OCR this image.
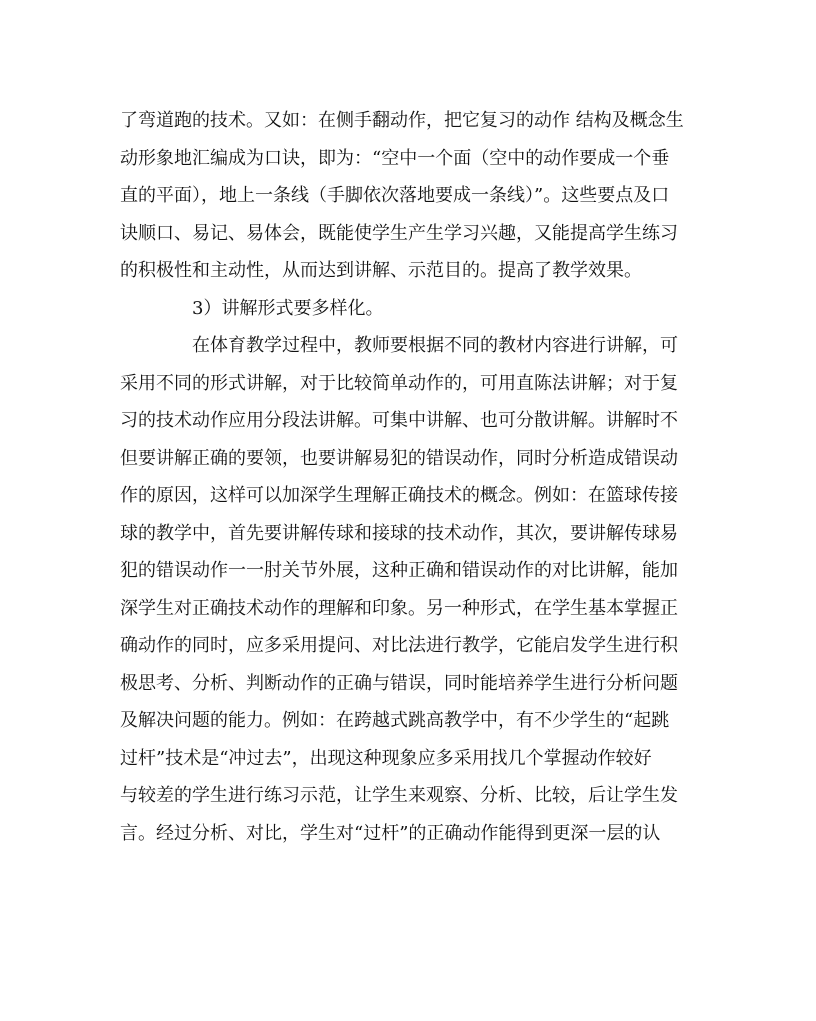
了弯道跑的技术。又如：在侧手翻动作，把它复习的动作 结构及概念生
动形象地汇编成为口诀，即为：“空中一个面（空中的动作要成一个垂
直的平面），地上一条线（手脚依次落地要成一条线）”。这些要点及口
诀顺口、易记、易体会，既能使学生产生学习兴趣，又能提高学生练习
的积极性和主动性，从而达到讲解、示范目的。提高了教学效果。
3）讲解形式要多样化。
在体育教学过程中，教师要根据不同的教材内容进行讲解，可
采用不同的形式讲解，对于比较简单动作的，可用直陈法讲解；对于复
习的技术动作应用分段法讲解。可集中讲解、也可分散讲解。讲解时不
但要讲解正确的要领，也要讲解易犯的错误动作，同时分析造成错误动
作的原因，这样可以加深学生理解正确技术的概念。例如：在篮球传接
球的教学中，首先要讲解传球和接球的技术动作，其次，要讲解传球易
犯的错误动作一一肘关节外展，这种正确和错误动作的对比讲解，能加
深学生对正确技术动作的理解和印象。另一种形式，在学生基本掌握正
确动作的同时，应多采用提问、对比法进行教学，它能启发学生进行积
极思考、分析、判断动作的正确与错误，同时能培养学生进行分析问题
及解决问题的能力。例如：在跨越式跳高教学中，有不少学生的“起跳
过杆”技术是“冲过去”，出现这种现象应多采用找几个掌握动作较好
与较差的学生进行练习示范，让学生来观察、分析、比较，后让学生发
言。经过分析、对比，学生对“过杆”的正确动作能得到更深一层的认
